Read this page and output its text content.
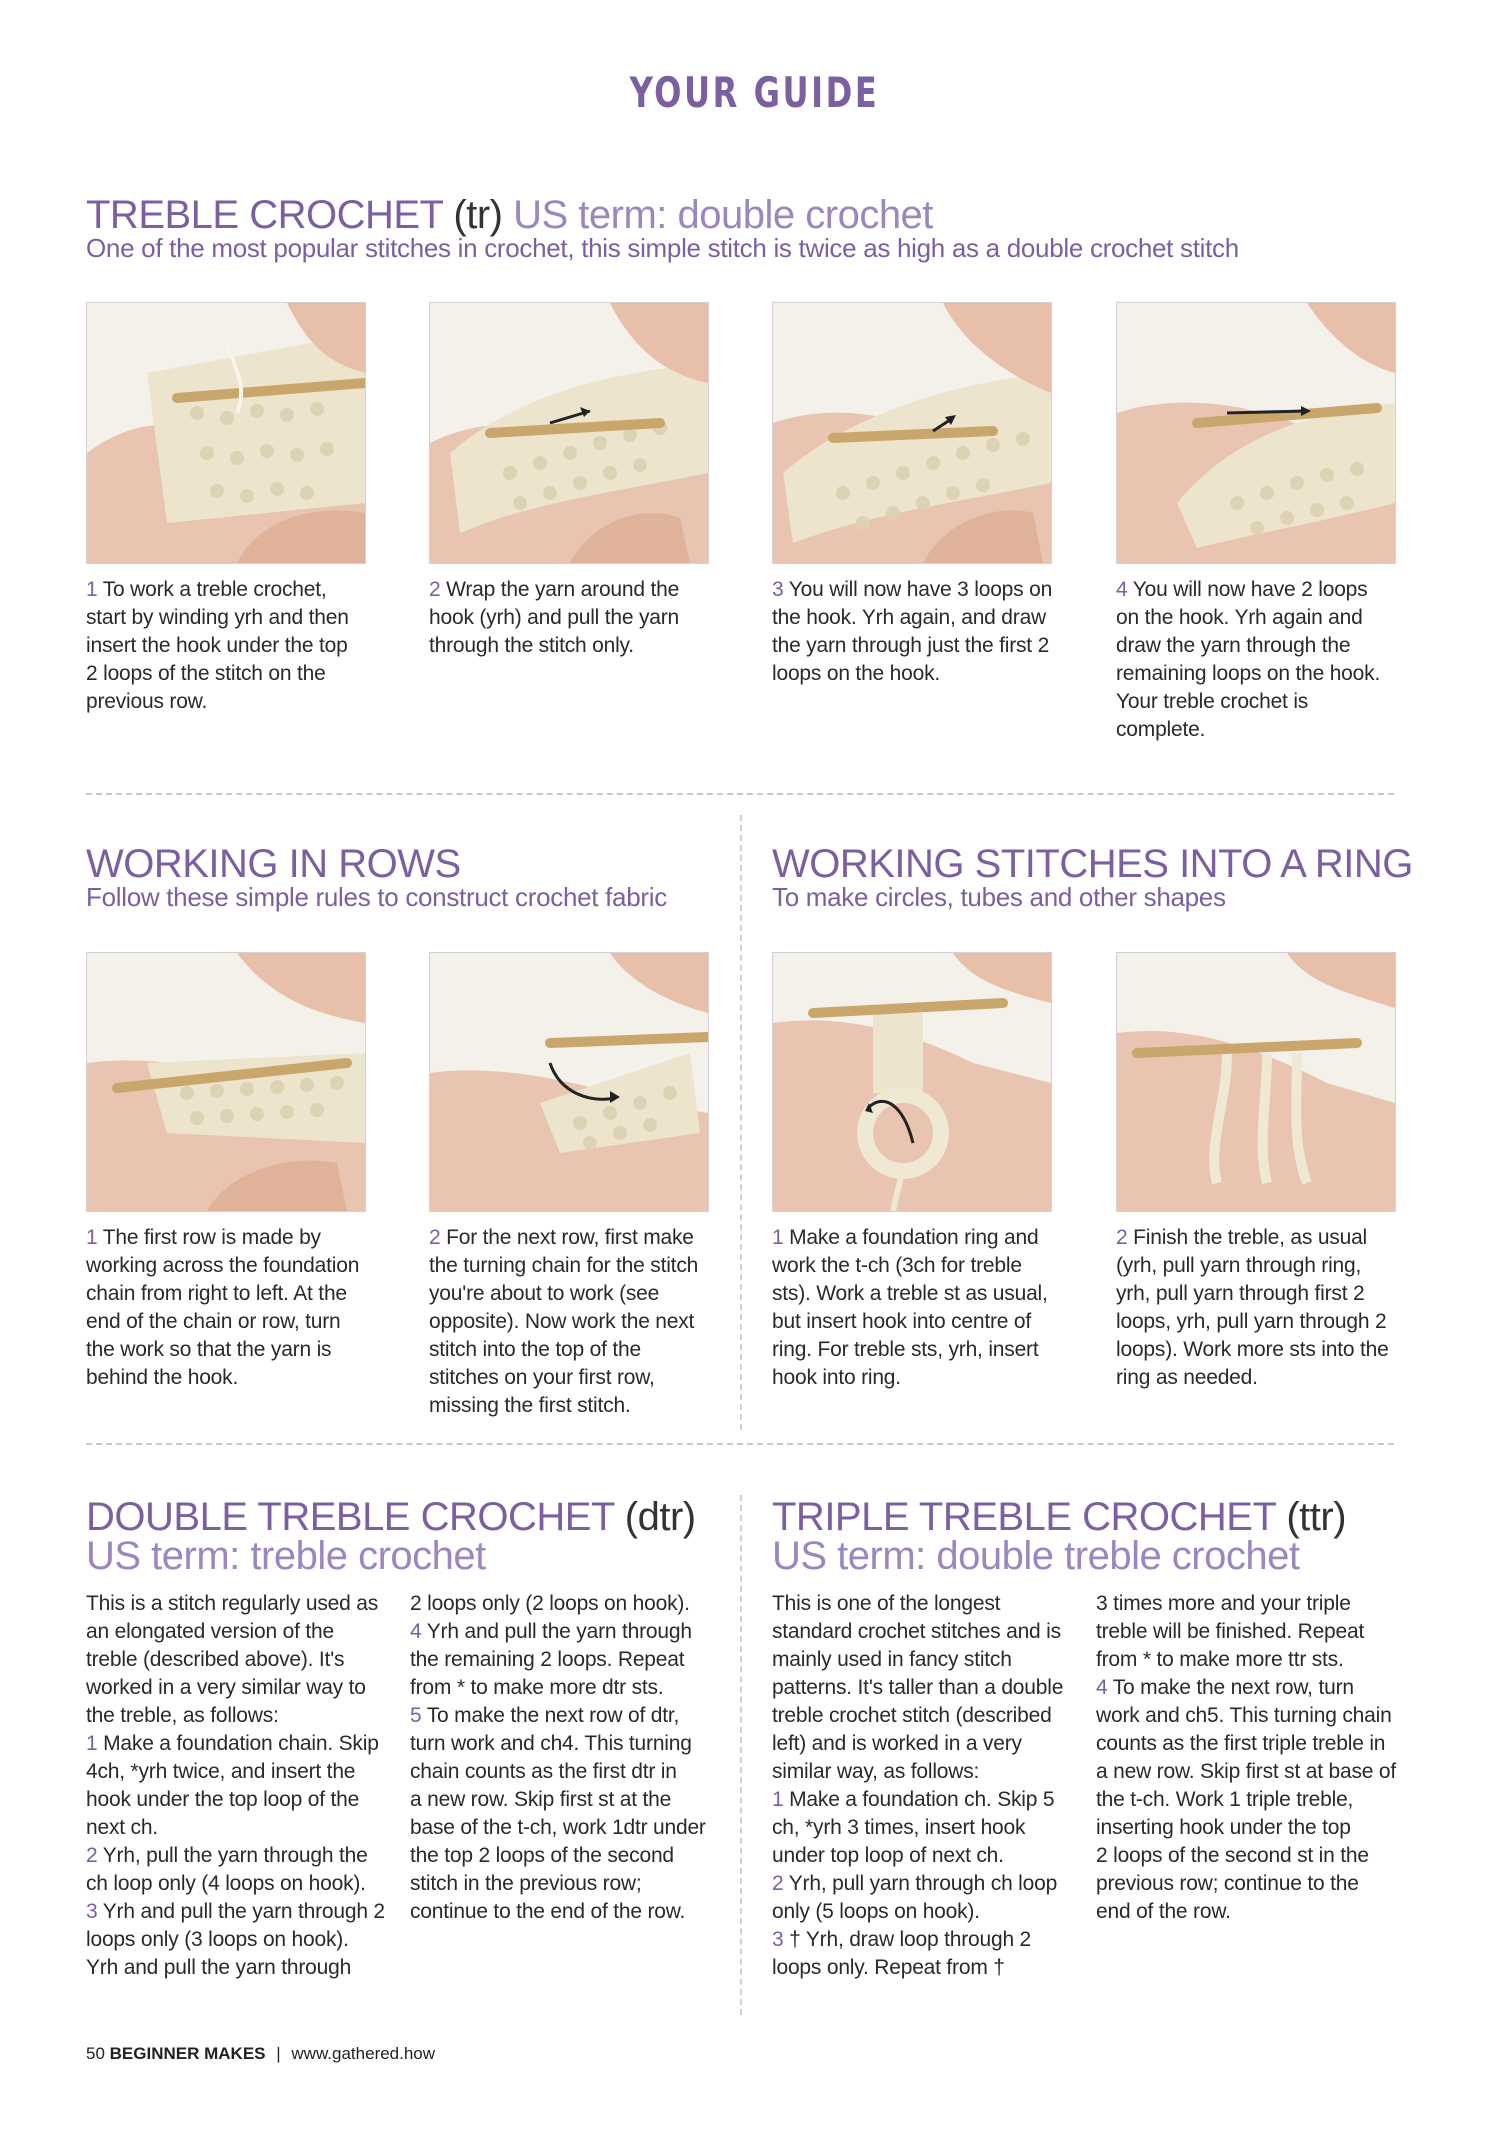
YOUR GUIDE
TREBLE CROCHET (tr) US term: double crochet
One of the most popular stitches in crochet, this simple stitch is twice as high as a double crochet stitch
1 To work a treble crochet, start by winding yrh and then insert the hook under the top 2 loops of the stitch on the previous row.
2 Wrap the yarn around the hook (yrh) and pull the yarn through the stitch only.
3 You will now have 3 loops on the hook. Yrh again, and draw the yarn through just the first 2 loops on the hook.
4 You will now have 2 loops on the hook. Yrh again and draw the yarn through the remaining loops on the hook. Your treble crochet is complete.
WORKING IN ROWS
Follow these simple rules to construct crochet fabric
WORKING STITCHES INTO A RING
To make circles, tubes and other shapes
1 The first row is made by working across the foundation chain from right to left. At the end of the chain or row, turn the work so that the yarn is behind the hook.
2 For the next row, first make the turning chain for the stitch you're about to work (see opposite). Now work the next stitch into the top of the stitches on your first row, missing the first stitch.
1 Make a foundation ring and work the t-ch (3ch for treble sts). Work a treble st as usual, but insert hook into centre of ring. For treble sts, yrh, insert hook into ring.
2 Finish the treble, as usual (yrh, pull yarn through ring, yrh, pull yarn through first 2 loops, yrh, pull yarn through 2 loops). Work more sts into the ring as needed.
DOUBLE TREBLE CROCHET (dtr)
US term: treble crochet
TRIPLE TREBLE CROCHET (ttr)
US term: double treble crochet

This is a stitch regularly used as an elongated version of the treble (described above). It's worked in a very similar way to the treble, as follows:

1 Make a foundation chain. Skip 4ch, *yrh twice, and insert the hook under the top loop of the next ch.

2 Yrh, pull the yarn through the ch loop only (4 loops on hook).

3 Yrh and pull the yarn through 2 loops only (3 loops on hook). Yrh and pull the yarn through

2 loops only (2 loops on hook).

4 Yrh and pull the yarn through the remaining 2 loops. Repeat from * to make more dtr sts.

5 To make the next row of dtr, turn work and ch4. This turning chain counts as the first dtr in

a new row. Skip first st at the base of the t-ch, work 1dtr under the top 2 loops of the second stitch in the previous row; continue to the end of the row.

This is one of the longest standard crochet stitches and is mainly used in fancy stitch patterns. It's taller than a double treble crochet stitch (described left) and is worked in a very similar way, as follows:

1 Make a foundation ch. Skip 5 ch, *yrh 3 times, insert hook under top loop of next ch.

2 Yrh, pull yarn through ch loop only (5 loops on hook).

3 † Yrh, draw loop through 2 loops only. Repeat from †

3 times more and your triple treble will be finished. Repeat from * to make more ttr sts.

4 To make the next row, turn work and ch5. This turning chain counts as the first triple treble in a new row. Skip first st at base of the t-ch. Work 1 triple treble, inserting hook under the top

2 loops of the second st in the previous row; continue to the end of the row.

50 BEGINNER MAKES | www.gathered.how
